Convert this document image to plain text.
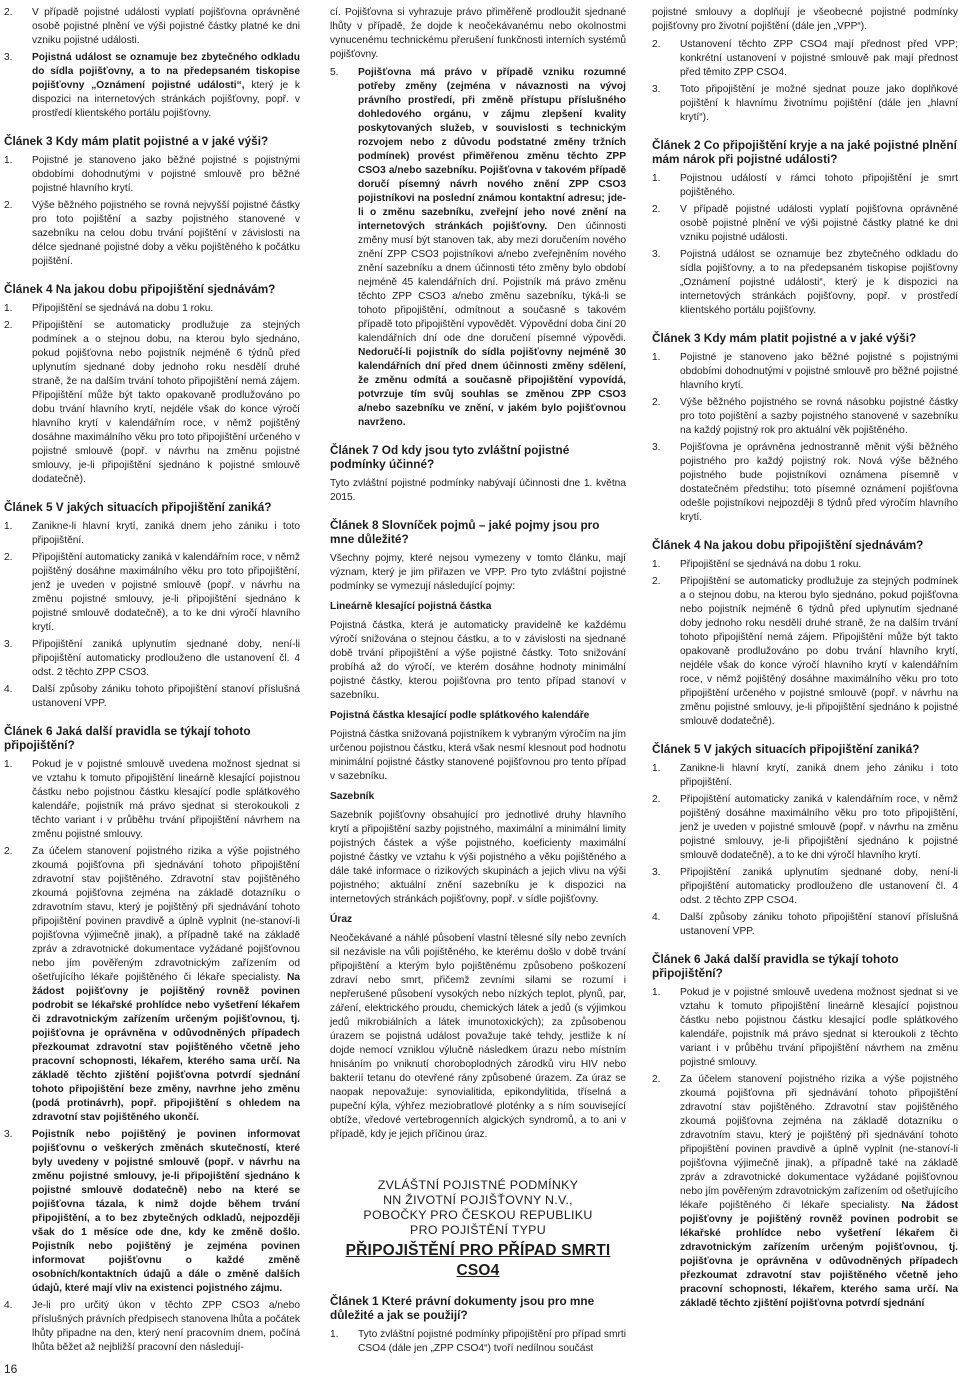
2.	V případě pojistné události vyplatí pojišťovna oprávněné osobě pojistné plnění ve výši pojistné částky platné ke dni vzniku pojistné události.
3.	Pojistná událost se oznamuje bez zbytečného odkladu do sídla pojišťovny, a to na předepsaném tiskopise pojišťovny „Oznámení pojistné události“, který je k dispozici na internetových stránkách pojišťovny, popř. v prostředí klientského portálu pojišťovny.
Článek 3 Kdy mám platit pojistné a v jaké výši?
1.	Pojistné je stanoveno jako běžné pojistné s pojistnými obdobími dohodnutými v pojistné smlouvě pro běžné pojistné hlavního krytí.
2.	Výše běžného pojistného se rovná nejvyšší pojistné částky pro toto pojištění a sazby pojistného stanovené v sazebníku na celou dobu trvání pojištění v závislosti na délce sjednané pojistné doby a věku pojištěného k počátku pojištění.
Článek 4 Na jakou dobu připojištění sjednávám?
1.	Připojištění se sjednává na dobu 1 roku.
2.	Připojištění se automaticky prodlužuje za stejných podmínek a o stejnou dobu, na kterou bylo sjednáno, pokud pojišťovna nebo pojistník nejméně 6 týdnů před uplynutím sjednané doby jednoho roku nesdělí druhé straně, že na dalším trvání tohoto připojištění nemá zájem. Připojištění může být takto opakovaně prodlužováno po dobu trvání hlavního krytí, nejdéle však do konce výročí hlavního krytí v kalendářním roce, v němž pojištěný dosáhne maximálního věku pro toto připojištění určeného v pojistné smlouvě (popř. v návrhu na změnu pojistné smlouvy, je-li připojištění sjednáno k pojistné smlouvě dodatečně).
Článek 5 V jakých situacích připojištění zaniká?
1.	Zanikne-li hlavní krytí, zaniká dnem jeho zániku i toto připojištění.
2.	Připojištění automaticky zaniká v kalendářním roce, v němž pojištěný dosáhne maximálního věku pro toto připojištění, jenž je uveden v pojistné smlouvě (popř. v návrhu na změnu pojistné smlouvy, je-li připojištění sjednáno k pojistné smlouvě dodatečně), a to ke dni výročí hlavního krytí.
3.	Připojištění zaniká uplynutím sjednané doby, není-li připojištění automaticky prodlouženo dle ustanovení čl. 4 odst. 2 těchto ZPP CSO3.
4.	Další způsoby zániku tohoto připojištění stanoví příslušná ustanovení VPP.
Článek 6 Jaká další pravidla se týkají tohoto připojištění?
1.	Pokud je v pojistné smlouvě uvedena možnost sjednat si ve vztahu k tomuto připojištění lineárně klesající pojistnou částku nebo pojistnou částku klesající podle splátkového kalendáře, pojistník má právo sjednat si sterokoukoli z těchto variant i v průběhu trvání připojištění návrhem na změnu pojistné smlouvy.
2.	Za účelem stanovení pojistného rizika a výše pojistného zkoumá pojišťovna při sjednávání tohoto připojištění zdravotní stav pojištěného. Zdravotní stav pojištěného zkoumá pojišťovna zejména na základě dotazníku o zdravotním stavu, který je pojištěný při sjednávání tohoto připojištění povinen pravdivě a úplně vyplnit (ne-stanoví-li pojišťovna výjimečně jinak), a případně také na základě zpráv a zdravotnické dokumentace vyžádané pojišťovnou nebo jím pověřeným zdravotnickým zařízením od ošetřujícího lékaře pojištěného či lékaře specialisty. Na žádost pojišťovny je pojištěný rovněž povinen podrobit se lékařské prohlídce nebo vyšetření lékařem či zdravotnickým zařízením určeným pojišťovnou, tj. pojišťovna je oprávněna v odůvodněných případech přezkoumat zdravotní stav pojištěného včetně jeho pracovní schopnosti, lékařem, kterého sama určí. Na základě těchto zjištění pojišťovna potvrdí sjednání tohoto připojištění beze změny, navrhne jeho změnu (podá protinávrh), popř. připojištění s ohledem na zdravotní stav pojištěného ukončí.
3.	Pojistník nebo pojištěný je povinen informovat pojišťovnu o veškerých změnách skutečností, které byly uvedeny v pojistné smlouvě (popř. v návrhu na změnu pojistné smlouvy, je-li připojištění sjednáno k pojistné smlouvě dodatečně) nebo na které se pojišťovna tázala, k nimž dojde během trvání připojištění, a to bez zbytečných odkladů, nejpozději však do 1 měsíce ode dne, kdy ke změně došlo. Pojistník nebo pojištěný je zejména povinen informovat pojišťovnu o každé změně osobních/kontaktních údajů a dále o změně dalších údajů, které mají vliv na existenci pojistného zájmu.
4.	Je-li pro určitý úkon v těchto ZPP CSO3 a/nebo příslušných právních předpisech stanovena lhůta a počátek lhůty připadne na den, který není pracovním dnem, počíná lhůta běžet až nejbližší pracovní den následují-

cí. Pojišťovna si vyhrazuje právo přiměřeně prodloužit sjednané lhůty v případě, že dojde k neočekávanému nebo okolnostmi vynucenému technickému přerušení funkčnosti interních systémů pojišťovny.

5.	Pojišťovna má právo v případě vzniku rozumné potřeby změny (zejména v návaznosti na vývoj právního prostředí, při změně přístupu příslušného dohledového orgánu, v zájmu zlepšení kvality poskytovaných služeb, v souvislosti s technickým rozvojem nebo z důvodu podstatné změny tržních podmínek) provést přiměřenou změnu těchto ZPP CSO3 a/nebo sazebníku. Pojišťovna v takovém případě doručí písemný návrh nového znění ZPP CSO3 pojistníkovi na poslední známou kontaktní adresu; jde-li o změnu sazebníku, zveřejní jeho nové znění na internetových stránkách pojišťovny. Den účinnosti změny musí být stanoven tak, aby mezi doručením nového znění ZPP CSO3 pojistníkovi a/nebo zveřejněním nového znění sazebníku a dnem účinnosti této změny bylo období nejméně 45 kalendářních dní. Pojistník má právo změnu těchto ZPP CSO3 a/nebo změnu sazebníku, týká-li se tohoto připojištění, odmítnout a současně s takovém případě toto připojištění vypovědět. Výpovědní doba činí 20 kalendářních dní ode dne doručení písemné výpovědi. Nedoručí-li pojistník do sídla pojišťovny nejméně 30 kalendářních dní před dnem účinnosti změny sdělení, že změnu odmítá a současně připojištění vypovídá, potvrzuje tím svůj souhlas se změnou ZPP CSO3 a/nebo sazebníku ve znění, v jakém bylo pojišťovnou navrženo.
Článek 7 Od kdy jsou tyto zvláštní pojistné podmínky účinné?

Tyto zvláštní pojistné podmínky nabývají účinnosti dne 1. května 2015.

Článek 8 Slovníček pojmů – jaké pojmy jsou pro mne důležité?

Všechny pojmy, které nejsou vymezeny v tomto článku, mají význam, který je jim přiřazen ve VPP. Pro tyto zvláštní pojistné podmínky se vymezují následující pojmy:

Lineárně klesající pojistná částka

Pojistná částka, která je automaticky pravidelně ke každému výročí snižována o stejnou částku, a to v závislosti na sjednané době trvání připojištění a výše pojistné částky. Toto snižování probíhá až do výročí, ve kterém dosáhne hodnoty minimální pojistné částky, kterou pojišťovna pro tento případ stanoví v sazebníku.

Pojistná částka klesající podle splátkového kalendáře

Pojistná částka snižovaná pojistníkem k vybraným výročím na jím určenou pojistnou částku, která však nesmí klesnout pod hodnotu minimální pojistné částky stanovené pojišťovnou pro tento případ v sazebníku.

Sazebník

Sazebník pojišťovny obsahující pro jednotlivé druhy hlavního krytí a připojištění sazby pojistného, maximální a minimální limity pojistných částek a výše pojistného, koeficienty maximální pojistné částky ve vztahu k výši pojistného a věku pojištěného a dále také informace o rizikových skupinách a jejich vlivu na výši pojistného; aktuální znění sazebníku je k dispozici na internetových stránkách pojišťovny, popř. v sídle pojišťovny.

Úraz

Neočekávané a náhlé působení vlastní tělesné síly nebo zevních sil nezávisle na vůli pojištěného, ke kterému došlo v době trvání připojištění a kterým bylo pojištěnému způsobeno poškození zdraví nebo smrt, přičemž zevními silami se rozumí i nepřerušené působení vysokých nebo nízkých teplot, plynů, par, záření, elektrického proudu, chemických látek a jedů (s výjimkou jedů mikrobiálních a látek imunotoxických); za způsobenou úrazem se pojistná událost považuje také tehdy, jestliže k ní dojde nemocí vzniklou výlučně následkem úrazu nebo místním hnisáním po vniknutí choroboplodných zárodků viru HIV nebo bakterií tetanu do otevřené rány způsobené úrazem. Za úraz se naopak nepovažuje: synovialitida, epikondylitida, tříselná a pupeční kýla, výhřez meziobratlové ploténky a s ním související obtíže, vředové vertebrogenních algických syndromů, a to ani v případě, kdy je jejich příčinou úraz.

ZVLÁŠTNÍ POJISTNÉ PODMÍNKY
NN ŽIVOTNÍ POJIŠŤOVNY N.V.,
POBOČKY PRO ČESKOU REPUBLIKU
PRO POJIŠTĚNÍ TYPU
PŘIPOJIŠTĚNÍ PRO PŘÍPAD SMRTI CSO4
Článek 1 Které právní dokumenty jsou pro mne důležité a jak se použijí?
1.	Tyto zvláštní pojistné podmínky připojištění pro případ smrti CSO4 (dále jen „ZPP CSO4“) tvoří nedílnou součást

pojistné smlouvy a doplňují je všeobecné pojistné podmínky pojišťovny pro životní pojištění (dále jen „VPP“).

2.	Ustanovení těchto ZPP CSO4 mají přednost před VPP; konkrétní ustanovení v pojistné smlouvě pak mají přednost před těmito ZPP CSO4.
3.	Toto připojištění je možné sjednat pouze jako doplňkové pojištění k hlavnímu životnímu pojištění (dále jen „hlavní krytí“).
Článek 2 Co připojištění kryje a na jaké pojistné plnění mám nárok při pojistné události?
1.	Pojistnou událostí v rámci tohoto připojištění je smrt pojištěného.
2.	V případě pojistné události vyplatí pojišťovna oprávněné osobě pojistné plnění ve výši pojistné částky platné ke dni vzniku pojistné události.
3.	Pojistná událost se oznamuje bez zbytečného odkladu do sídla pojišťovny, a to na předepsaném tiskopise pojišťovny „Oznámení pojistné události“, který je k dispozici na internetových stránkách pojišťovny, popř. v prostředí klientského portálu pojišťovny.
Článek 3 Kdy mám platit pojistné a v jaké výši?
1.	Pojistné je stanoveno jako běžné pojistné s pojistnými obdobími dohodnutými v pojistné smlouvě pro běžné pojistné hlavního krytí.
2.	Výše běžného pojistného se rovná násobku pojistné částky pro toto pojištění a sazby pojistného stanovené v sazebníku na každý pojistný rok pro aktuální věk pojištěného.
3.	Pojišťovna je oprávněna jednostranně měnit výši běžného pojistného pro každý pojistný rok. Nová výše běžného pojistného bude pojistníkovi oznámena písemně v dostatečném předstihu; toto písemné oznámení pojišťovna odešle pojistníkovi nejpozději 8 týdnů před výročím hlavního krytí.
Článek 4 Na jakou dobu připojištění sjednávám?
1.	Připojištění se sjednává na dobu 1 roku.
2.	Připojištění se automaticky prodlužuje za stejných podmínek a o stejnou dobu, na kterou bylo sjednáno, pokud pojišťovna nebo pojistník nejméně 6 týdnů před uplynutím sjednané doby jednoho roku nesdělí druhé straně, že na dalším trvání tohoto připojištění nemá zájem. Připojištění může být takto opakovaně prodlužováno po dobu trvání hlavního krytí, nejdéle však do konce výročí hlavního krytí v kalendářním roce, v němž pojištěný dosáhne maximálního věku pro toto připojištění určeného v pojistné smlouvě (popř. v návrhu na změnu pojistné smlouvy, je-li připojištění sjednáno k pojistné smlouvě dodatečně).
Článek 5 V jakých situacích připojištění zaniká?
1.	Zanikne-li hlavní krytí, zaniká dnem jeho zániku i toto připojištění.
2.	Připojištění automaticky zaniká v kalendářním roce, v němž pojištěný dosáhne maximálního věku pro toto připojištění, jenž je uveden v pojistné smlouvě (popř. v návrhu na změnu pojistné smlouvy, je-li připojištění sjednáno k pojistné smlouvě dodatečně), a to ke dni výročí hlavního krytí.
3.	Připojištění zaniká uplynutím sjednané doby, není-li připojištění automaticky prodlouženo dle ustanovení čl. 4 odst. 2 těchto ZPP CSO4.
4.	Další způsoby zániku tohoto připojištění stanoví příslušná ustanovení VPP.
Článek 6 Jaká další pravidla se týkají tohoto připojištění?
1.	Pokud je v pojistné smlouvě uvedena možnost sjednat si ve vztahu k tomuto připojištění lineárně klesající pojistnou částku nebo pojistnou částku klesající podle splátkového kalendáře, pojistník má právo sjednat si kteroukoli z těchto variant i v průběhu trvání připojištění návrhem na změnu pojistné smlouvy.
2.	Za účelem stanovení pojistného rizika a výše pojistného zkoumá pojišťovna při sjednávání tohoto připojištění zdravotní stav pojištěného. Zdravotní stav pojištěného zkoumá pojišťovna zejména na základě dotazníku o zdravotním stavu, který je pojištěný při sjednávání tohoto připojištění povinen pravdivě a úplně vyplnit (ne-stanoví-li pojišťovna výjimečně jinak), a případně také na základě zpráv a zdravotnické dokumentace vyžádané pojišťovnou nebo jím pověřeným zdravotnickým zařízením od ošetřujícího lékaře pojištěného či lékaře specialisty. Na žádost pojišťovny je pojištěný rovněž povinen podrobit se lékařské prohlídce nebo vyšetření lékařem či zdravotnickým zařízením určeným pojišťovnou, tj. pojišťovna je oprávněna v odůvodněných případech přezkoumat zdravotní stav pojištěného včetně jeho pracovní schopnosti, lékařem, kterého sama určí. Na základě těchto zjištění pojišťovna potvrdí sjednání
16
